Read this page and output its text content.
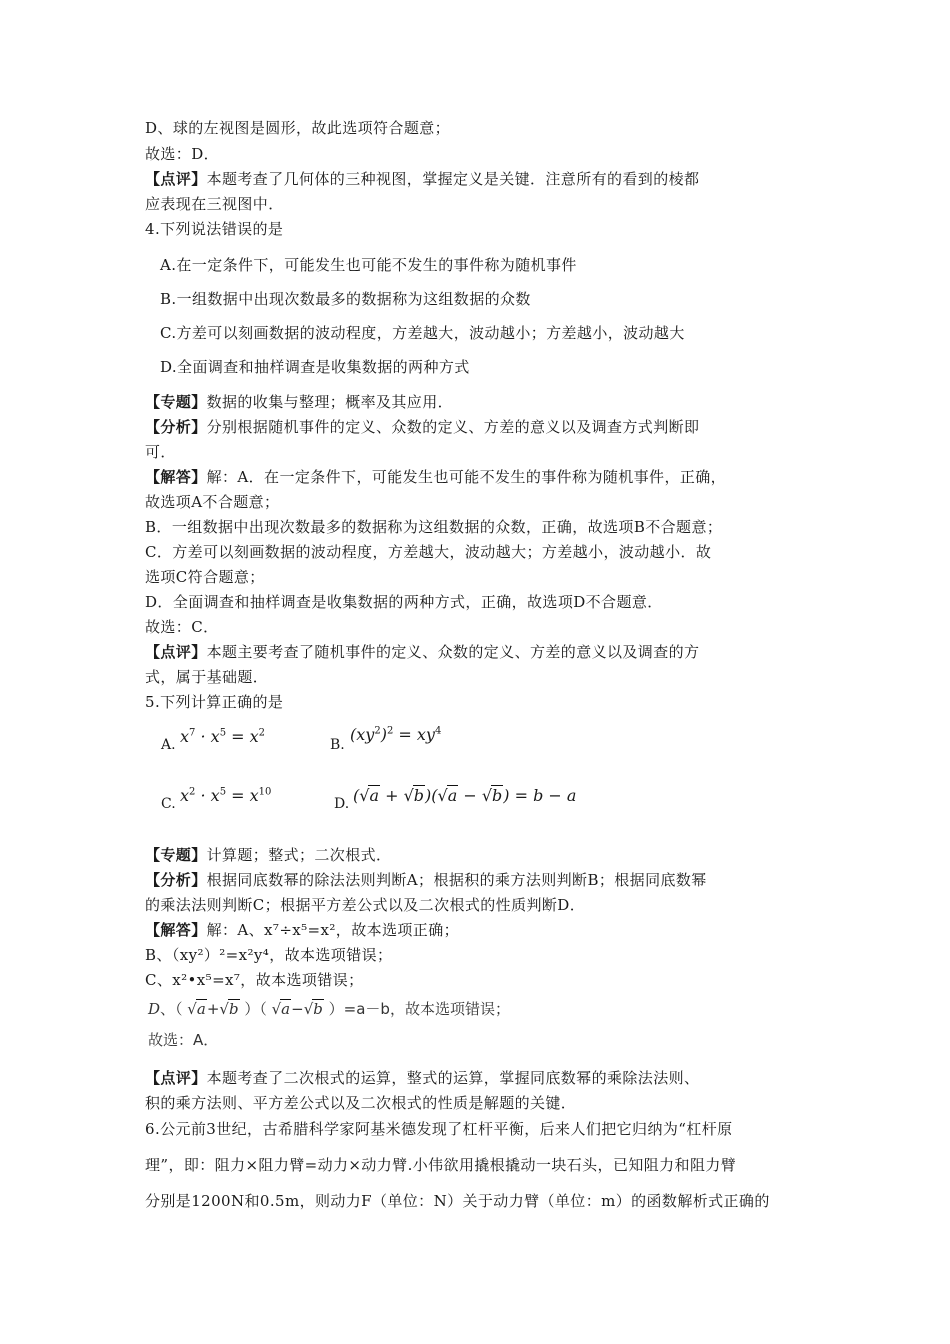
D、球的左视图是圆形，故此选项符合题意；
故选：D．
【点评】本题考查了几何体的三种视图，掌握定义是关键．注意所有的看到的棱都
应表现在三视图中．
4.下列说法错误的是
A.在一定条件下，可能发生也可能不发生的事件称为随机事件
B.一组数据中出现次数最多的数据称为这组数据的众数
C.方差可以刻画数据的波动程度，方差越大，波动越小；方差越小，波动越大
D.全面调查和抽样调查是收集数据的两种方式
【专题】数据的收集与整理；概率及其应用．
【分析】分别根据随机事件的定义、众数的定义、方差的意义以及调查方式判断即
可．
【解答】解：A．在一定条件下，可能发生也可能不发生的事件称为随机事件，正确，
故选项A不合题意；
B．一组数据中出现次数最多的数据称为这组数据的众数，正确，故选项B不合题意；
C．方差可以刻画数据的波动程度，方差越大，波动越大；方差越小，波动越小．故
选项C符合题意；
D．全面调查和抽样调查是收集数据的两种方式，正确，故选项D不合题意．
故选：C．
【点评】本题主要考查了随机事件的定义、众数的定义、方差的意义以及调查的方
式，属于基础题．
5.下列计算正确的是
A. $x^7 \cdot x^5 = x^2$
B.
$(xy^2)^2 = xy^4$
C. $x^2 \cdot x^5 = x^{10}$
D. (√a + √b)(√a − √b) = b − a
【专题】计算题；整式；二次根式．
【分析】根据同底数幂的除法法则判断A；根据积的乘方法则判断B；根据同底数幂
的乘法法则判断C；根据平方差公式以及二次根式的性质判断D．
【解答】解：A、x⁷÷x⁵=x²，故本选项正确；
B、（xy²）²=x²y⁴，故本选项错误；
C、x²•x⁵=x⁷，故本选项错误；
D、（ √a+√b ）（ √a−√b ）=a－b，故本选项错误；
故选：A．
【点评】本题考查了二次根式的运算，整式的运算，掌握同底数幂的乘除法法则、
积的乘方法则、平方差公式以及二次根式的性质是解题的关键．
6.公元前3世纪，古希腊科学家阿基米德发现了杠杆平衡，后来人们把它归纳为“杠杆原
理”，即：阻力×阻力臂=动力×动力臂.小伟欲用撬根撬动一块石头，已知阻力和阻力臂
分别是1200N和0.5m，则动力F（单位：N）关于动力臂（单位：m）的函数解析式正确的
